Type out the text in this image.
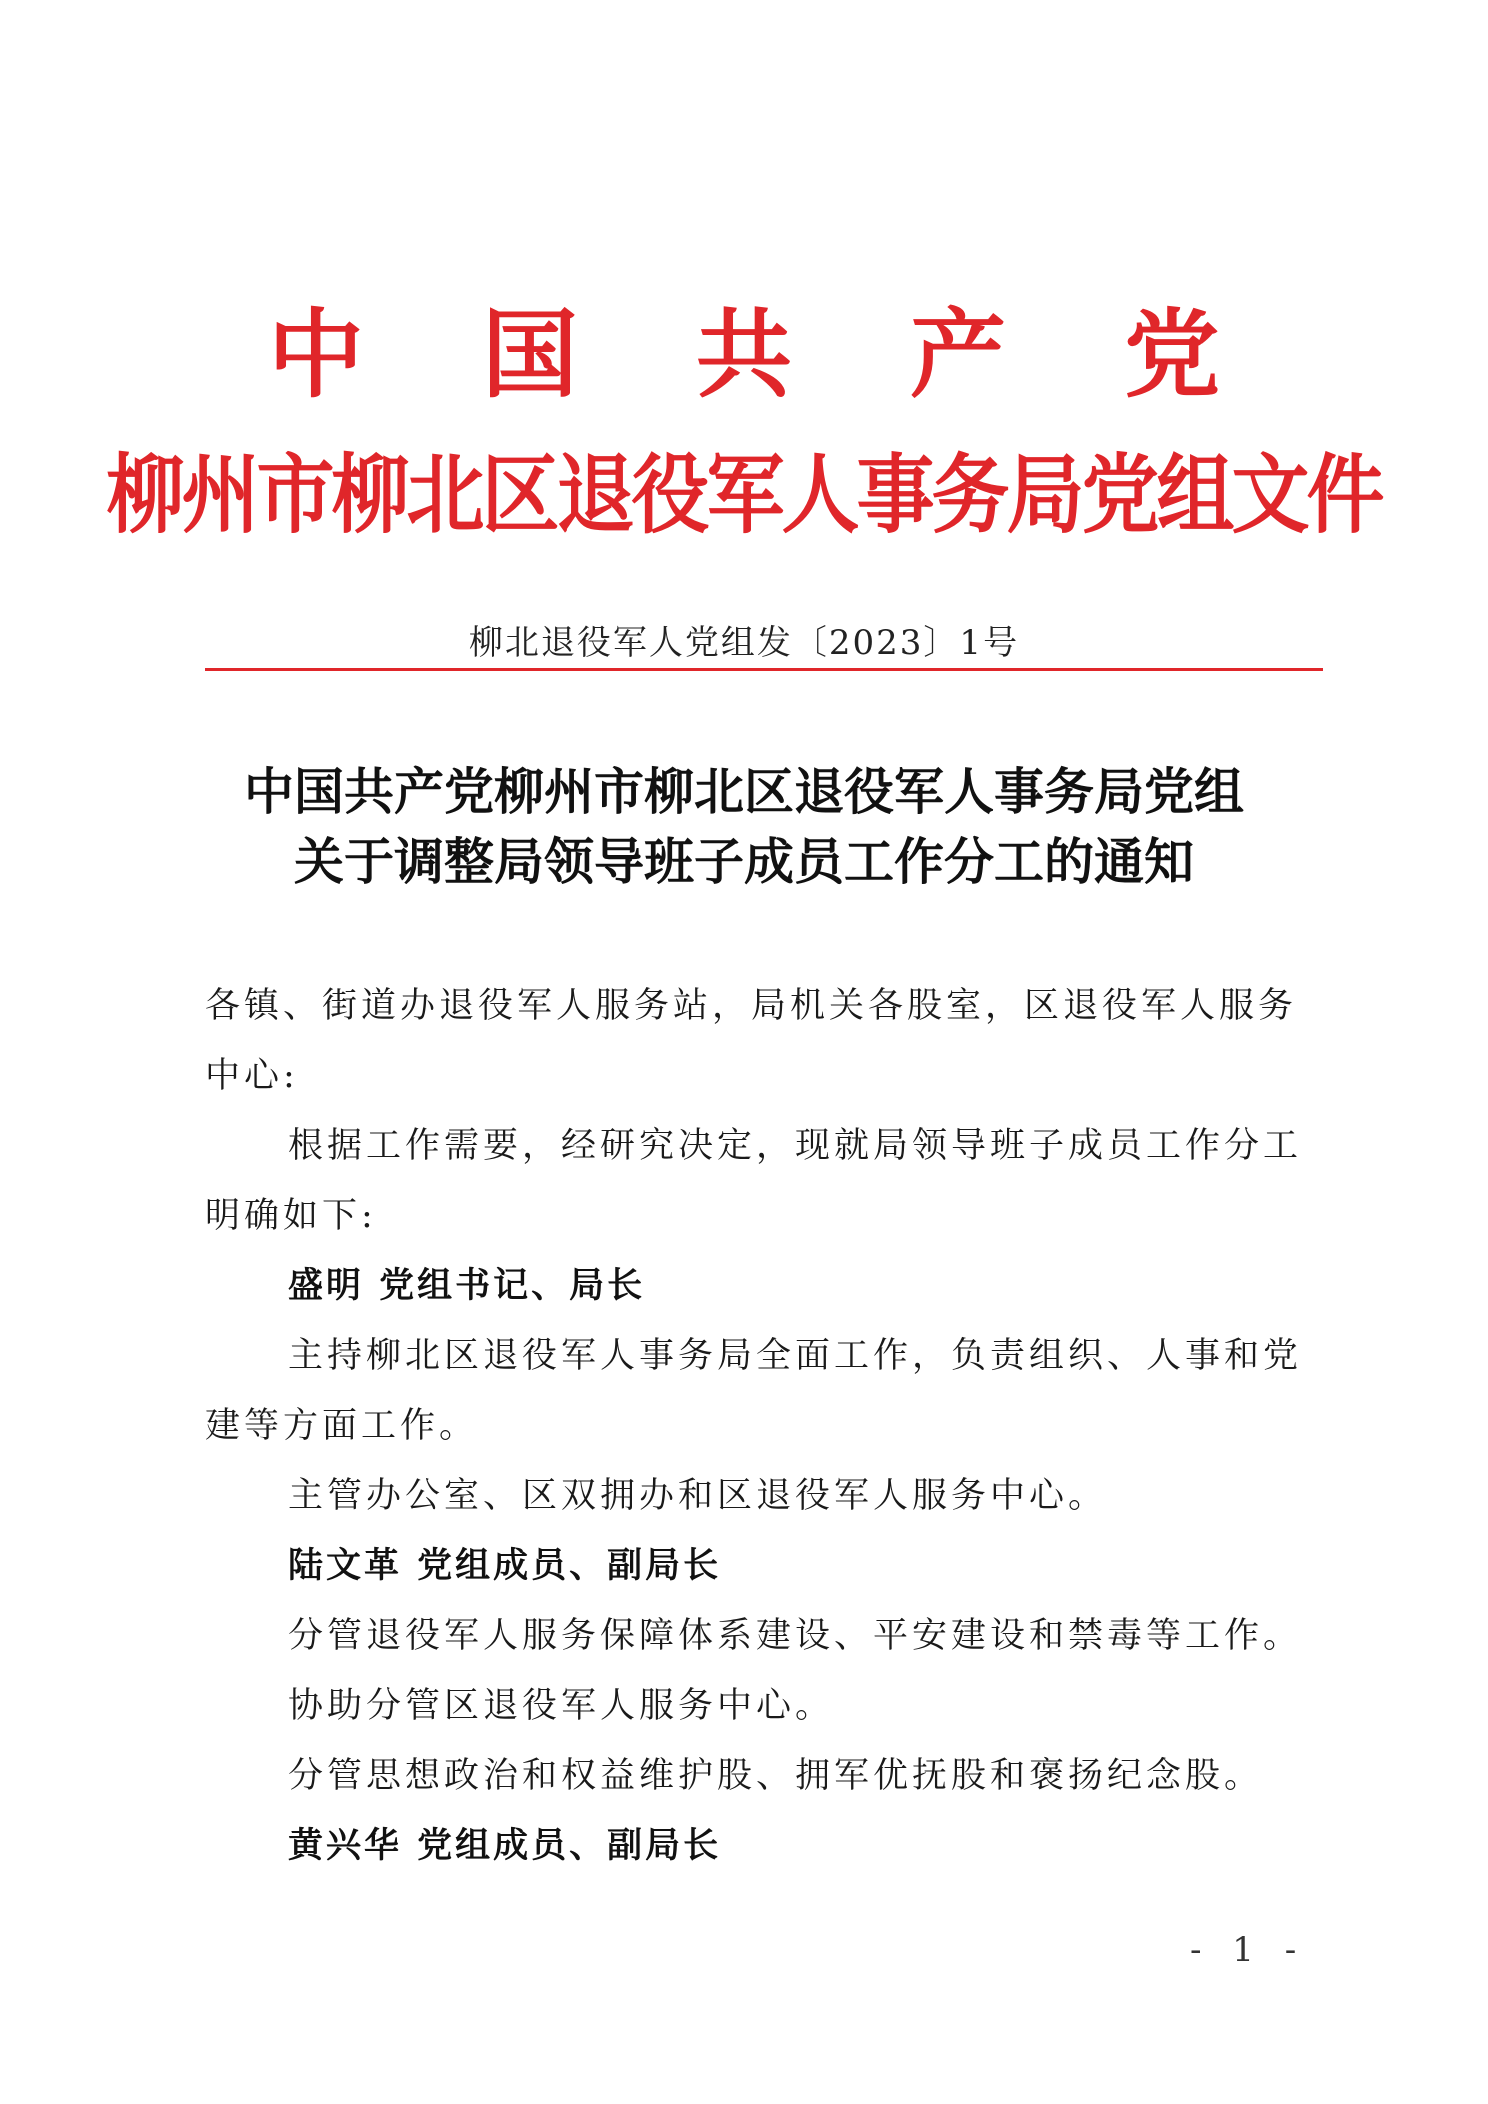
中国共产党
柳州市柳北区退役军人事务局党组文件
柳北退役军人党组发〔2023〕1号
中国共产党柳州市柳北区退役军人事务局党组
关于调整局领导班子成员工作分工的通知
各镇、街道办退役军人服务站，局机关各股室，区退役军人服务
中心:
根据工作需要，经研究决定，现就局领导班子成员工作分工
明确如下:
盛明 党组书记、局长
主持柳北区退役军人事务局全面工作，负责组织、人事和党
建等方面工作。
主管办公室、区双拥办和区退役军人服务中心。
陆文革 党组成员、副局长
分管退役军人服务保障体系建设、平安建设和禁毒等工作。
协助分管区退役军人服务中心。
分管思想政治和权益维护股、拥军优抚股和褒扬纪念股。
黄兴华 党组成员、副局长
- 1 -
